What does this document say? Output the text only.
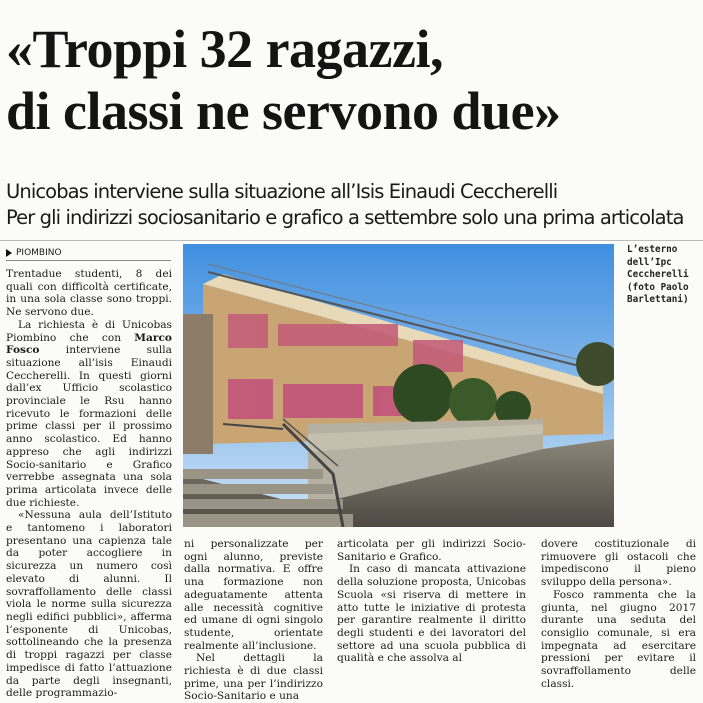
«Troppi 32 ragazzi,
di classi ne servono due»
Unicobas interviene sulla situazione all’Isis Einaudi Ceccherelli
Per gli indirizzi sociosanitario e grafico a settembre solo una prima articolata
PIOMBINO

Trentadue studenti, 8 dei quali con difficoltà certificate, in una sola classe sono troppi. Ne servono due.

La richiesta è di Unicobas Piombino che con Marco Fosco interviene sulla situazione all’isis Einaudi Ceccherelli. In questi giorni dall’ex Ufficio scolastico provinciale le Rsu hanno ricevuto le formazioni delle prime classi per il prossimo anno scolastico. Ed hanno appreso che agli indirizzi Socio-sanitario e Grafico verrebbe assegnata una sola prima articolata invece delle due richieste.

«Nessuna aula dell’Istituto e tantomeno i laboratori presentano una capienza tale da poter accogliere in sicurezza un numero così elevato di alunni. Il sovraffollamento delle classi viola le norme sulla sicurezza negli edifici pubblici», afferma l’esponente di Unicobas, sottolineando che la presenza di troppi ragazzi per classe impedisce di fatto l’attuazione da parte degli insegnanti, delle programmazio-

L’esterno dell’Ipc Ceccherelli (foto Paolo Barlettani)

ni personalizzate per ogni alunno, previste dalla normativa. E offre una formazione non adeguatamente attenta alle necessità cognitive ed umane di ogni singolo studente, orientate realmente all’inclusione.

Nel dettagli la richiesta è di due classi prime, una per l’indirizzo Socio-Sanitario e una

articolata per gli indirizzi Socio-Sanitario e Grafico.

In caso di mancata attivazione della soluzione proposta, Unicobas Scuola «si riserva di mettere in atto tutte le iniziative di protesta per garantire realmente il diritto degli studenti e dei lavoratori del settore ad una scuola pubblica di qualità e che assolva al

dovere costituzionale di rimuovere gli ostacoli che impediscono il pieno sviluppo della persona».

Fosco rammenta che la giunta, nel giugno 2017 durante una seduta del consiglio comunale, si era impegnata ad esercitare pressioni per evitare il sovraffollamento delle classi.
